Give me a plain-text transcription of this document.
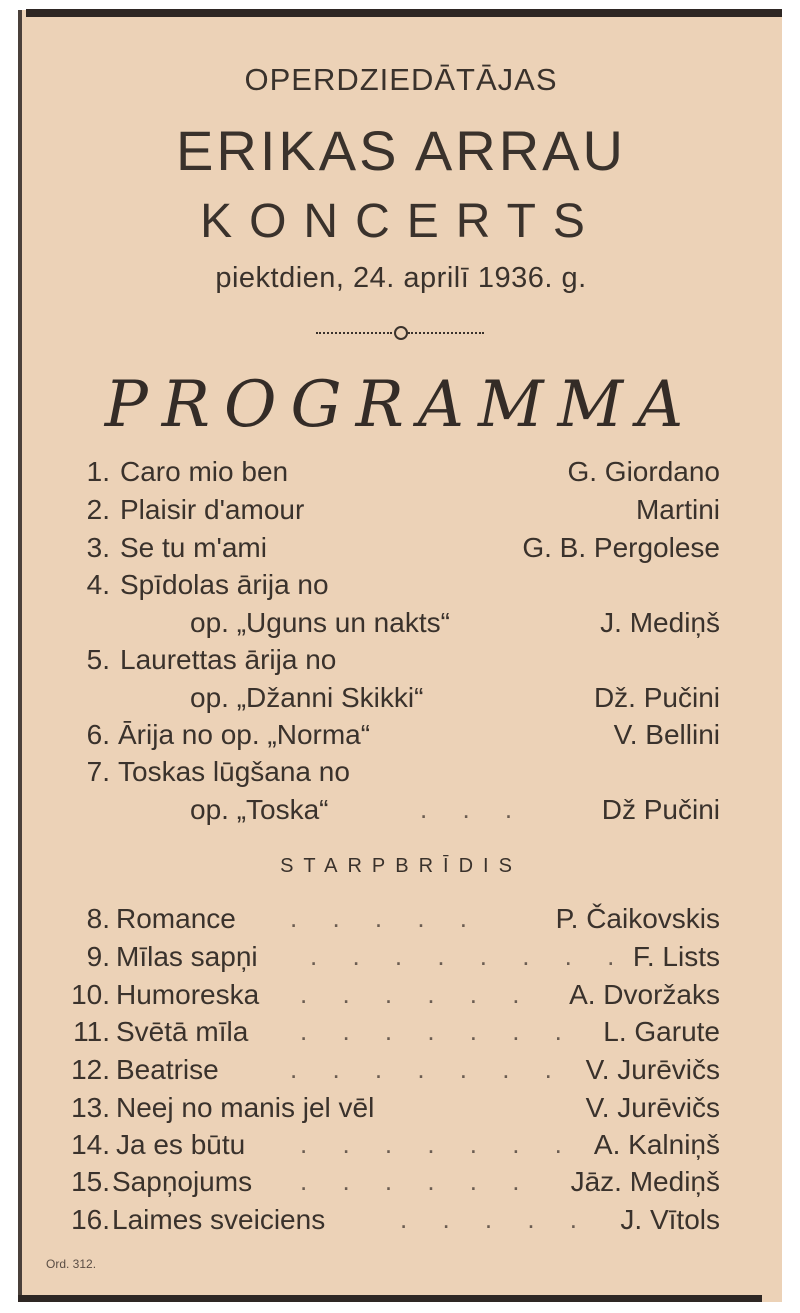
OPERDZIEDĀTĀJAS
ERIKAS ARRAU
KONCERTS
piektdien, 24. aprilī 1936. g.
PROGRAMMA
1. Caro mio ben	G. Giordano
2. Plaisir d'amour	Martini
3. Se tu m'ami	G. B. Pergolese
4. Spīdolas ārija no
op. „Uguns un nakts“	J. Mediņš
5. Laurettas ārija no
op. „Džanni Skikki“	Dž. Pučini
6. Ārija no op. „Norma“	V. Bellini
7. Toskas lūgšana no
op. „Toska“	. . .	Dž Pučini
STARPBRĪDIS
8. Romance . . . . .	P. Čaikovskis
9. Mīlas sapņi . . . . . . . . F. Lists
10. Humoreska . . . . . . A. Dvoržaks
11. Svētā mīla . . . . . . . L. Garute
12. Beatrise	. . . . . . . V. Jurēvičs
13. Neej no manis jel vēl	V. Jurēvičs
14. Ja es būtu . . . . . . . A. Kalniņš
15. Sapņojums . . . . . . Jāz. Mediņš
16. Laimes sveiciens	. . . . . J. Vītols
Ord. 312.
